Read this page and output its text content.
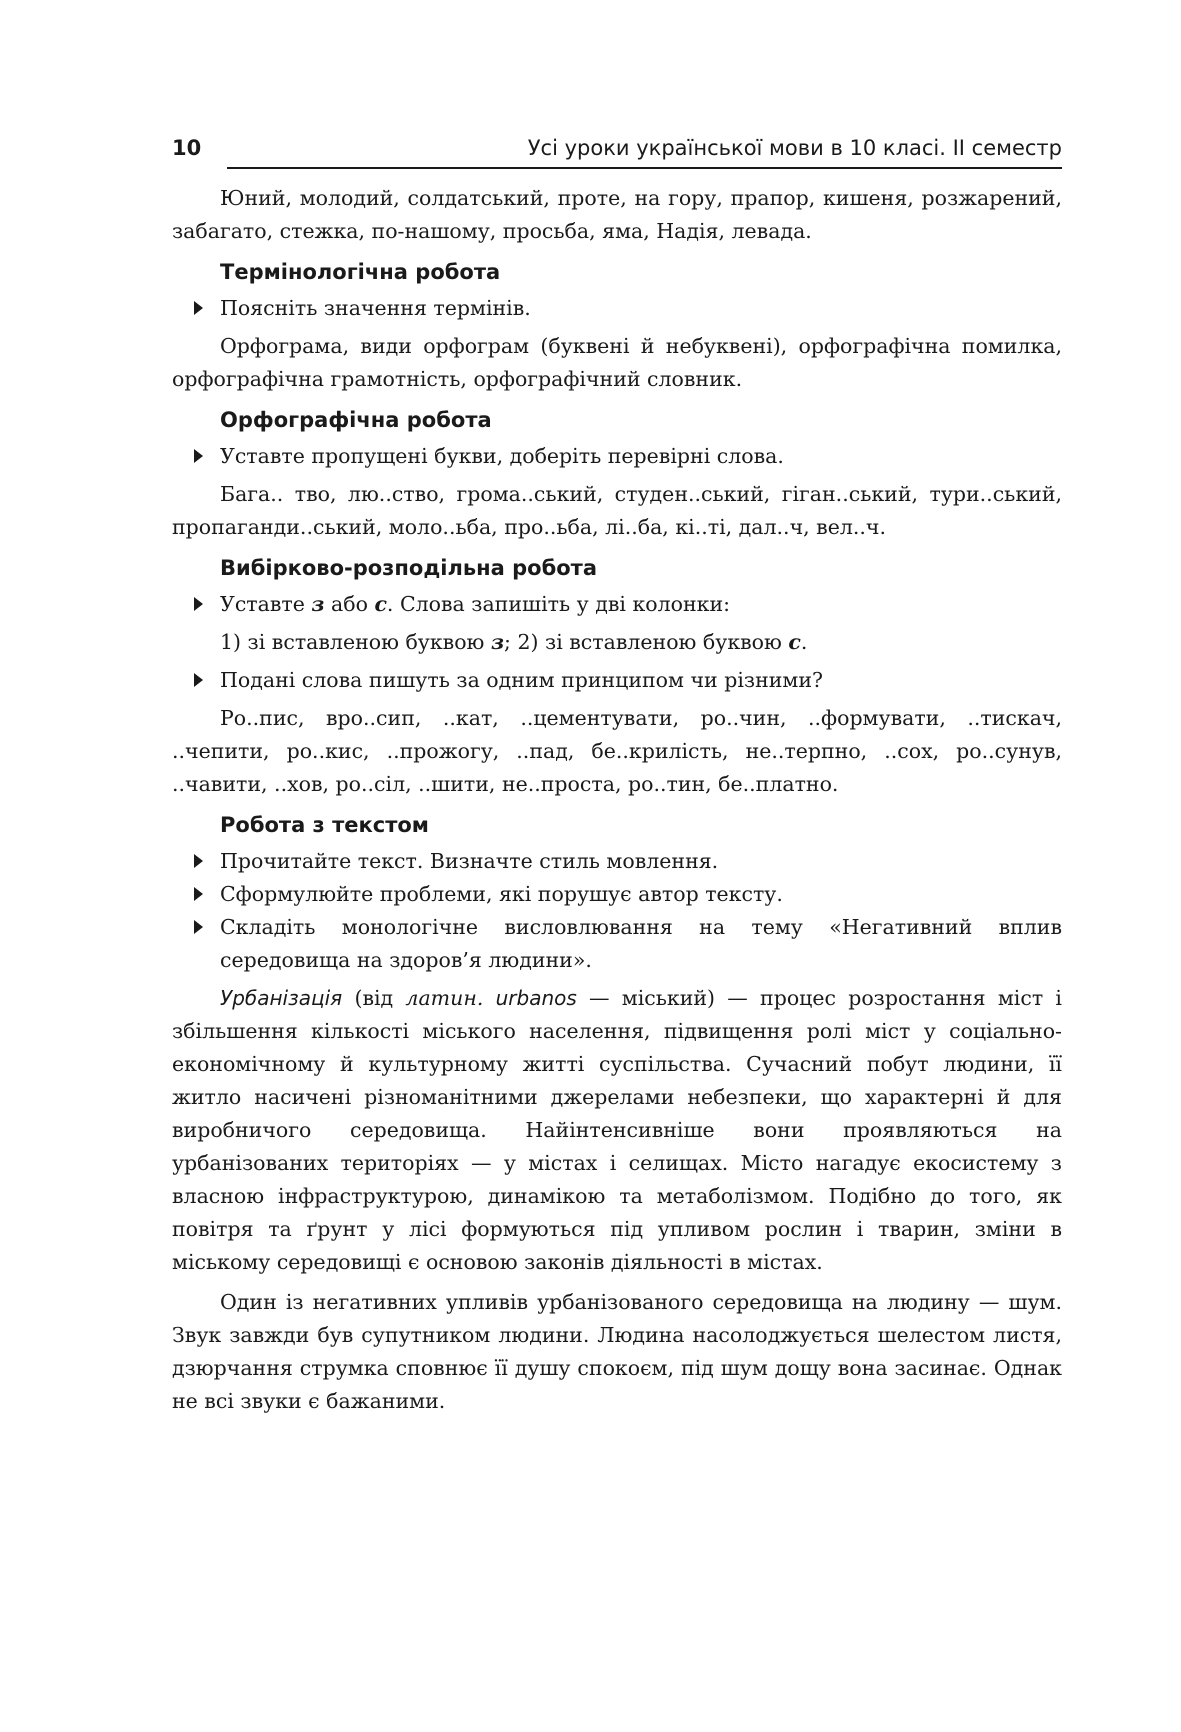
10	Усі уроки української мови в 10 класі. II семестр

Юний, молодий, солдатський, проте, на гору, прапор, кишеня, розжарений, забагато, стежка, по-нашому, просьба, яма, Надія, левада.

Термінологічна робота
Поясніть значення термінів.

Орфограма, види орфограм (буквені й небуквені), орфографічна помилка, орфографічна грамотність, орфографічний словник.

Орфографічна робота
Уставте пропущені букви, доберіть перевірні слова.

Бага.. тво, лю..ство, грома..ський, студен..ський, гіган..ський, тури..ський, пропаганди..ський, моло..ьба, про..ьба, лі..ба, кі..ті, дал..ч, вел..ч.

Вибірково-розподільна робота
Уставте з або с. Слова запишіть у дві колонки:
1) зі вставленою буквою з; 2) зі вставленою буквою с.
Подані слова пишуть за одним принципом чи різними?

Ро..пис, вро..сип, ..кат, ..цементувати, ро..чин, ..формувати, ..тискач, ..чепити, ро..кис, ..прожогу, ..пад, бе..крилість, не..терпно, ..сох, ро..сунув, ..чавити, ..хов, ро..сіл, ..шити, не..проста, ро..тин, бе..платно.

Робота з текстом
Прочитайте текст. Визначте стиль мовлення.
Сформулюйте проблеми, які порушує автор тексту.
Складіть монологічне висловлювання на тему «Негативний вплив середовища на здоров’я людини».

Урбанізація (від латин. urbanos — міський) — процес розростання міст і збільшення кількості міського населення, підвищення ролі міст у соціально-економічному й культурному житті суспільства. Сучасний побут людини, її житло насичені різноманітними джерелами небезпеки, що характерні й для виробничого середовища. Найінтенсивніше вони проявляються на урбанізованих територіях — у містах і селищах. Місто нагадує екосистему з власною інфраструктурою, динамікою та метаболізмом. Подібно до того, як повітря та ґрунт у лісі формуються під упливом рослин і тварин, зміни в міському середовищі є основою законів діяльності в містах.

Один із негативних упливів урбанізованого середовища на людину — шум. Звук завжди був супутником людини. Людина насолоджується шелестом листя, дзюрчання струмка сповнює її душу спокоєм, під шум дощу вона засинає. Однак не всі звуки є бажаними.
